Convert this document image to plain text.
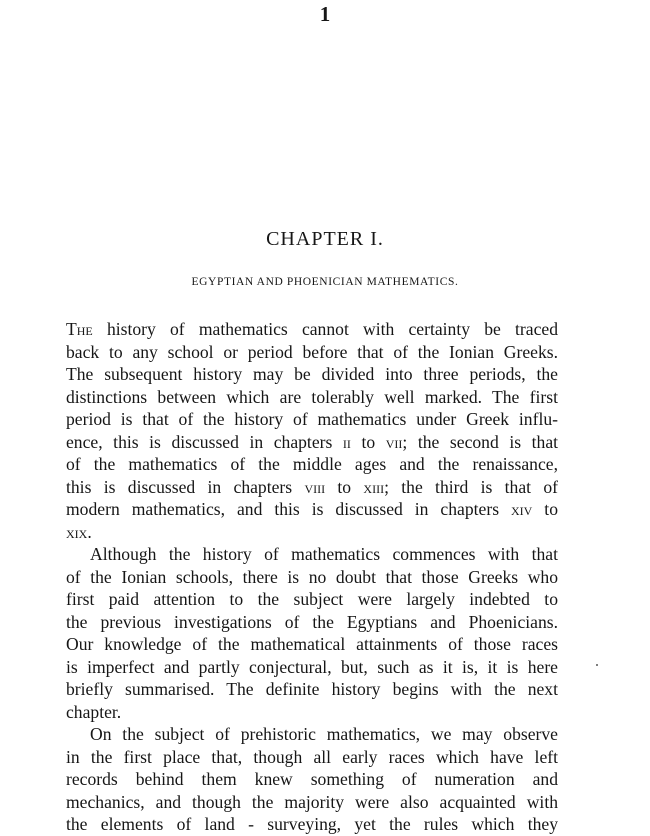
1
CHAPTER I.
EGYPTIAN AND PHOENICIAN MATHEMATICS.
The history of mathematics cannot with certainty be traced
back to any school or period before that of the Ionian Greeks.
The subsequent history may be divided into three periods, the
distinctions between which are tolerably well marked. The first
period is that of the history of mathematics under Greek influ-
ence, this is discussed in chapters ii to vii; the second is that
of the mathematics of the middle ages and the renaissance,
this is discussed in chapters viii to xiii; the third is that of
modern mathematics, and this is discussed in chapters xiv to
xix.
Although the history of mathematics commences with that
of the Ionian schools, there is no doubt that those Greeks who
first paid attention to the subject were largely indebted to
the previous investigations of the Egyptians and Phoenicians.
Our knowledge of the mathematical attainments of those races
is imperfect and partly conjectural, but, such as it is, it is here
briefly summarised. The definite history begins with the next
chapter.
On the subject of prehistoric mathematics, we may observe
in the first place that, though all early races which have left
records behind them knew something of numeration and
mechanics, and though the majority were also acquainted with
the elements of land - surveying, yet the rules which they
